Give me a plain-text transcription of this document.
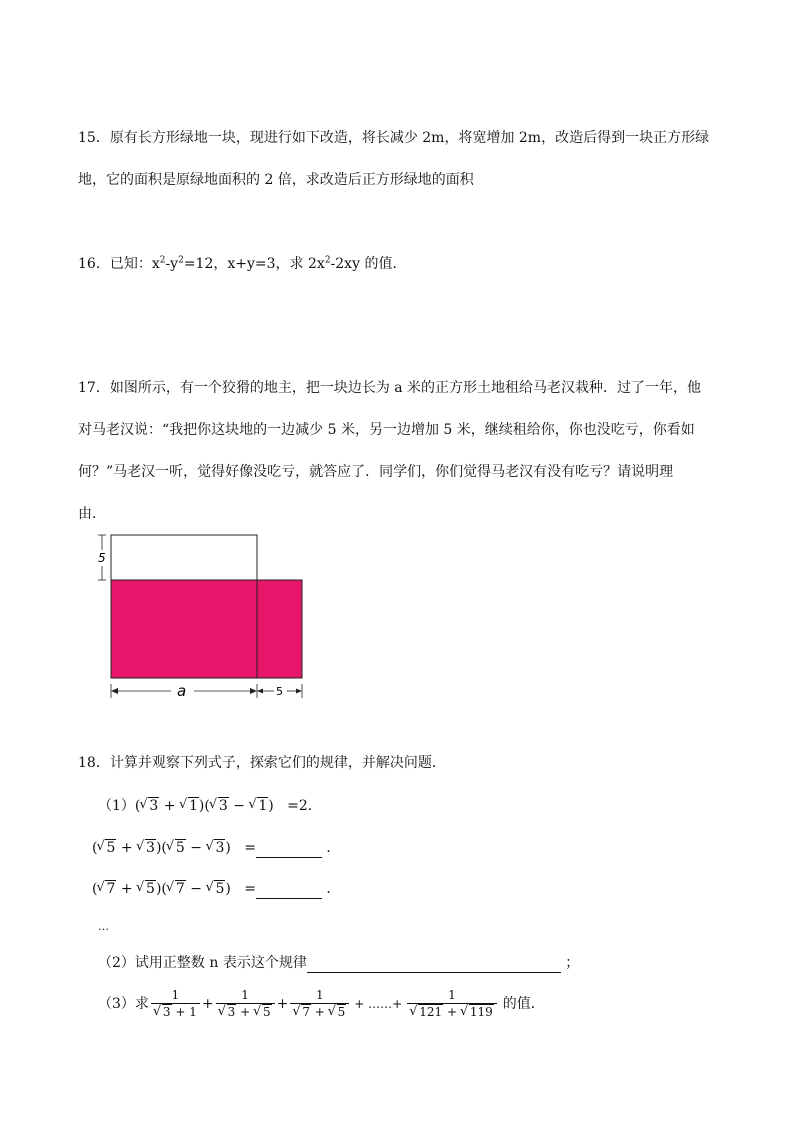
15．原有长方形绿地一块，现进行如下改造，将长减少 2m，将宽增加 2m，改造后得到一块正方形绿
地，它的面积是原绿地面积的 2 倍，求改造后正方形绿地的面积
16．已知：$x^2-y^2=12$，x+y=3，求 $2x^2-2xy$ 的值．
17．如图所示，有一个狡猾的地主，把一块边长为 a 米的正方形土地租给马老汉栽种．过了一年，他
对马老汉说：“我把你这块地的一边减少 5 米，另一边增加 5 米，继续租给你，你也没吃亏，你看如
何？”马老汉一听，觉得好像没吃亏，就答应了．同学们，你们觉得马老汉有没有吃亏？请说明理
由．
5
a	5
18．计算并观察下列式子，探索它们的规律，并解决问题．
（1）( √ 3 + √ 1)( √ 3 − √ 1)   =2．
( √ 5 + √ 3)( √ 5 − √ 3)   =	．
( √ 7 + √ 5)( √ 7 − √ 5)   =	．
…
（2）试用正整数 n 表示这个规律	；
（3）求 1
√ 3 + 1 + 1
√ 3 + √ 5 + 1
√ 7 + √ 5 + ……+ 1
√ 121 + √ 119 的值．
